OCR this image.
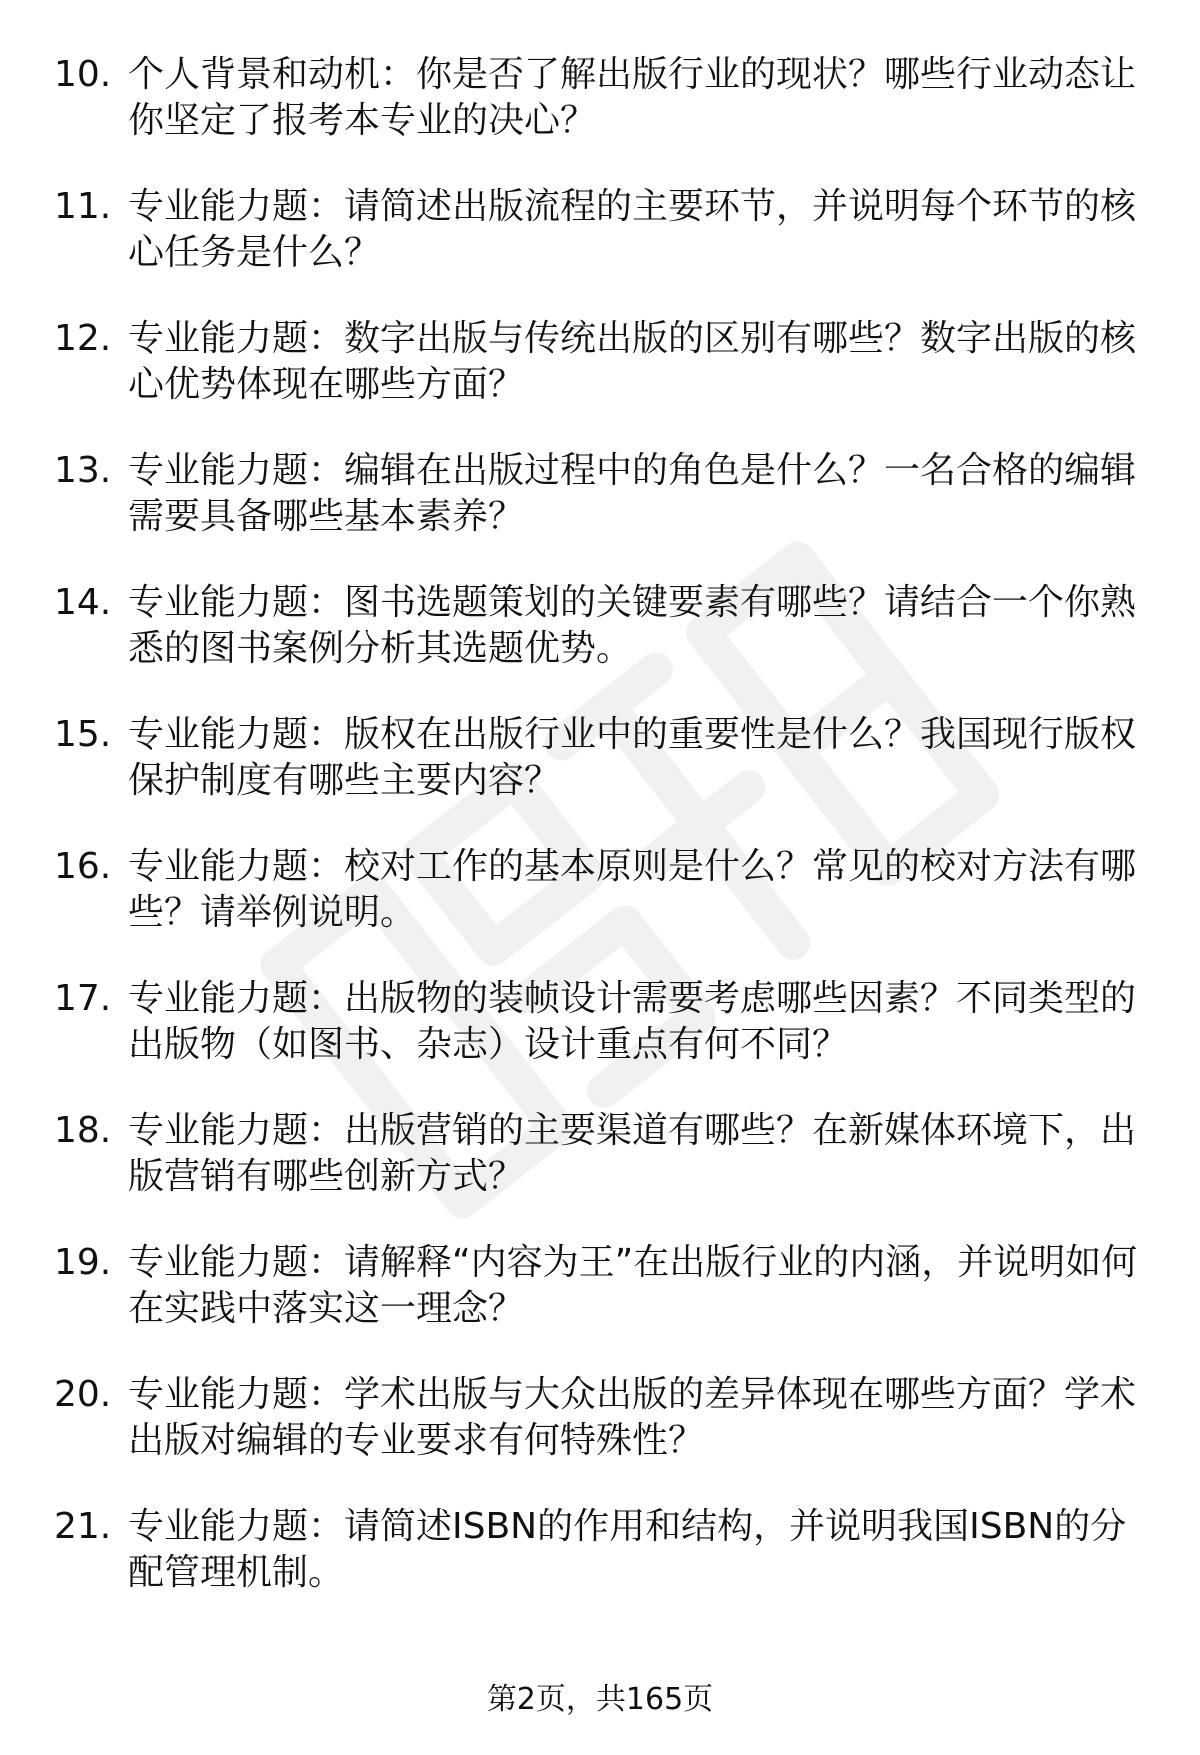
10. 个人背景和动机：你是否了解出版行业的现状？哪些行业动态让你坚定了报考本专业的决心？
11. 专业能力题：请简述出版流程的主要环节，并说明每个环节的核心任务是什么？
12. 专业能力题：数字出版与传统出版的区别有哪些？数字出版的核心优势体现在哪些方面？
13. 专业能力题：编辑在出版过程中的角色是什么？一名合格的编辑需要具备哪些基本素养？
14. 专业能力题：图书选题策划的关键要素有哪些？请结合一个你熟悉的图书案例分析其选题优势。
15. 专业能力题：版权在出版行业中的重要性是什么？我国现行版权保护制度有哪些主要内容？
16. 专业能力题：校对工作的基本原则是什么？常见的校对方法有哪些？请举例说明。
17. 专业能力题：出版物的装帧设计需要考虑哪些因素？不同类型的出版物（如图书、杂志）设计重点有何不同？
18. 专业能力题：出版营销的主要渠道有哪些？在新媒体环境下，出版营销有哪些创新方式？
19. 专业能力题：请解释“内容为王”在出版行业的内涵，并说明如何在实践中落实这一理念？
20. 专业能力题：学术出版与大众出版的差异体现在哪些方面？学术出版对编辑的专业要求有何特殊性？
21. 专业能力题：请简述ISBN的作用和结构，并说明我国ISBN的分配管理机制。
第2页，共165页
